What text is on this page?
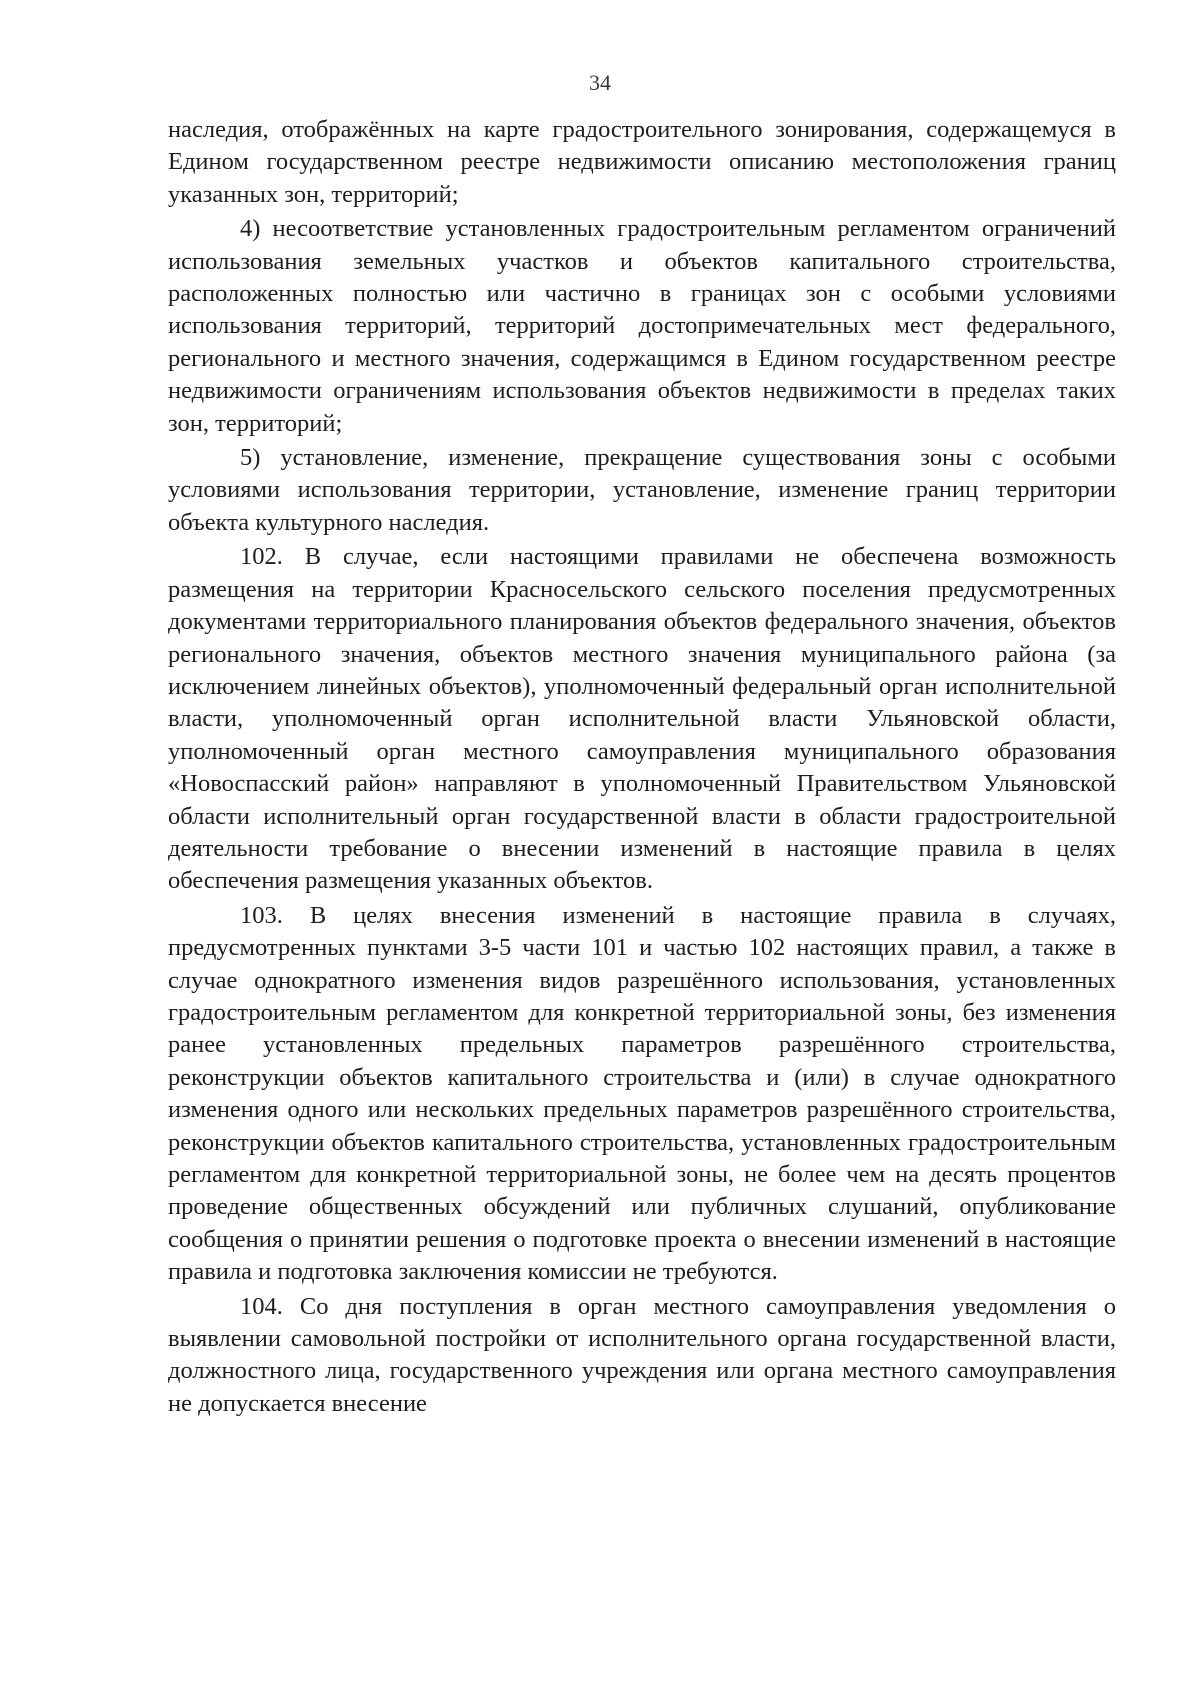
34

наследия, отображённых на карте градостроительного зонирования, содержащемуся в Едином государственном реестре недвижимости описанию местоположения границ указанных зон, территорий;

4) несоответствие установленных градостроительным регламентом ограничений использования земельных участков и объектов капитального строительства, расположенных полностью или частично в границах зон с особыми условиями использования территорий, территорий достопримечательных мест федерального, регионального и местного значения, содержащимся в Едином государственном реестре недвижимости ограничениям использования объектов недвижимости в пределах таких зон, территорий;

5) установление, изменение, прекращение существования зоны с особыми условиями использования территории, установление, изменение границ территории объекта культурного наследия.

102. В случае, если настоящими правилами не обеспечена возможность размещения на территории Красносельского сельского поселения предусмотренных документами территориального планирования объектов федерального значения, объектов регионального значения, объектов местного значения муниципального района (за исключением линейных объектов), уполномоченный федеральный орган исполнительной власти, уполномоченный орган исполнительной власти Ульяновской области, уполномоченный орган местного самоуправления муниципального образования «Новоспасский район» направляют в уполномоченный Правительством Ульяновской области исполнительный орган государственной власти в области градостроительной деятельности требование о внесении изменений в настоящие правила в целях обеспечения размещения указанных объектов.

103. В целях внесения изменений в настоящие правила в случаях, предусмотренных пунктами 3-5 части 101 и частью 102 настоящих правил, а также в случае однократного изменения видов разрешённого использования, установленных градостроительным регламентом для конкретной территориальной зоны, без изменения ранее установленных предельных параметров разрешённого строительства, реконструкции объектов капитального строительства и (или) в случае однократного изменения одного или нескольких предельных параметров разрешённого строительства, реконструкции объектов капитального строительства, установленных градостроительным регламентом для конкретной территориальной зоны, не более чем на десять процентов проведение общественных обсуждений или публичных слушаний, опубликование сообщения о принятии решения о подготовке проекта о внесении изменений в настоящие правила и подготовка заключения комиссии не требуются.

104. Со дня поступления в орган местного самоуправления уведомления о выявлении самовольной постройки от исполнительного органа государственной власти, должностного лица, государственного учреждения или органа местного самоуправления не допускается внесение
